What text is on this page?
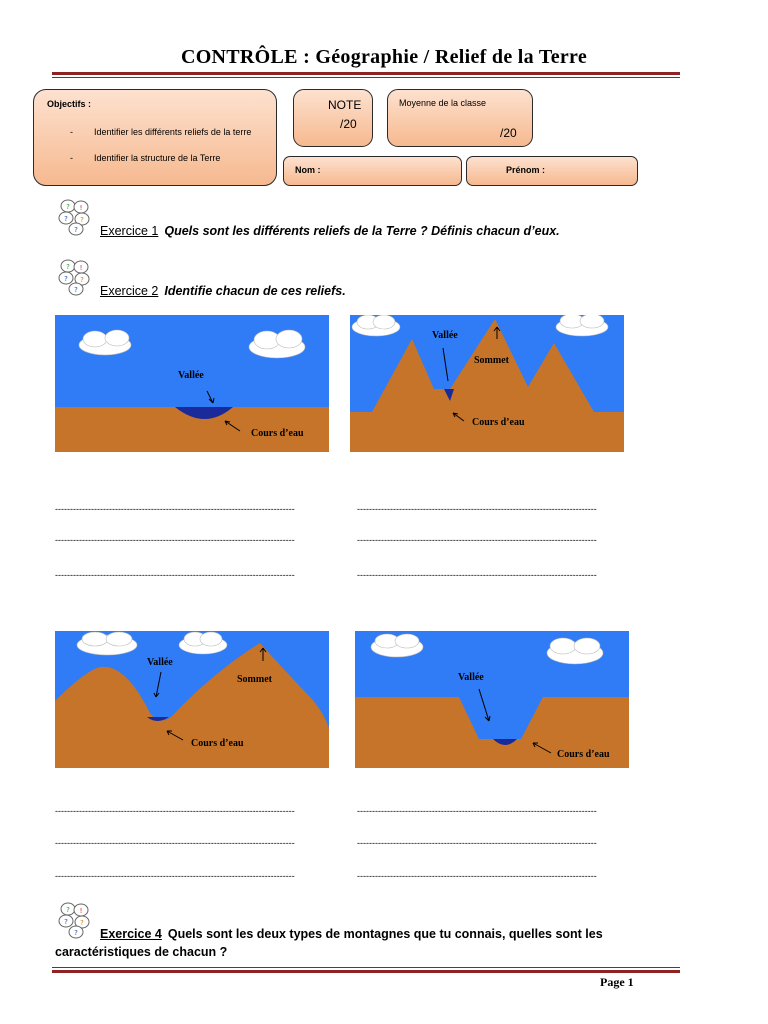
CONTRÔLE : Géographie / Relief de la Terre
Objectifs :
- Identifier les différents reliefs de la terre
- Identifier la structure de la Terre
NOTE
/20
Moyenne de la classe
/20
Nom :	Prénom :
? !
? ?
? Exercice 1 Quels sont les différents reliefs de la Terre ? Définis chacun d’eux.
? !
? ?
? Exercice 2 Identifie chacun de ces reliefs.
Vallée
Cours d’eau
Vallée
Sommet
Cours d’eau
--------------------------------------------------------------------------------
--------------------------------------------------------------------------------
--------------------------------------------------------------------------------
--------------------------------------------------------------------------------
--------------------------------------------------------------------------------
--------------------------------------------------------------------------------
Vallée
Sommet
Cours d’eau
Vallée
Cours d’eau
--------------------------------------------------------------------------------
--------------------------------------------------------------------------------
--------------------------------------------------------------------------------
--------------------------------------------------------------------------------
--------------------------------------------------------------------------------
--------------------------------------------------------------------------------
? !
? ?
? Exercice 4 Quels sont les deux types de montagnes que tu connais, quelles sont les
caractéristiques de chacun ?
Page 1
